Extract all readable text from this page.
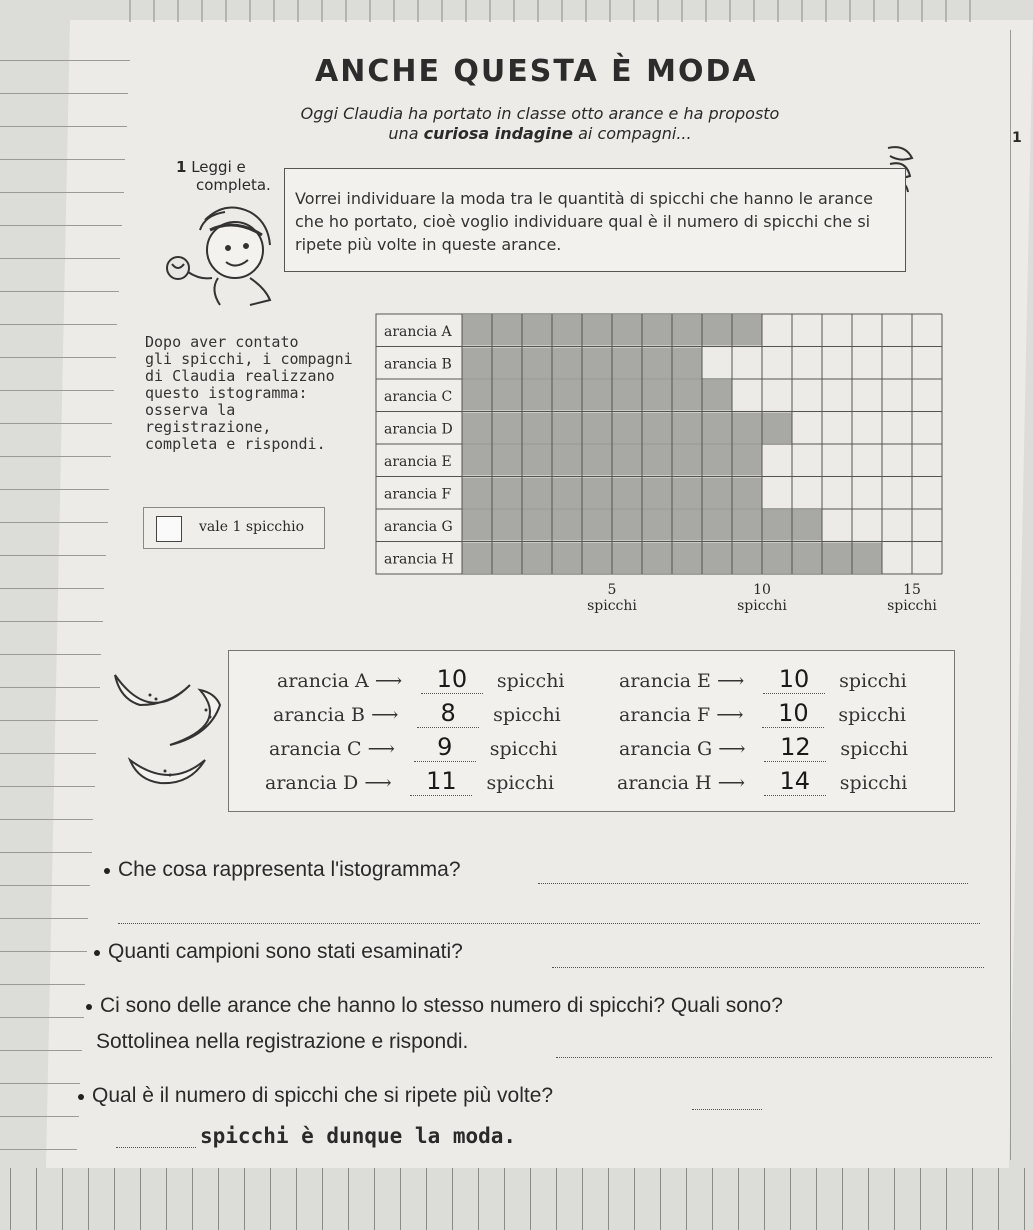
ANCHE QUESTA È MODA
Oggi Claudia ha portato in classe otto arance e ha proposto
una curiosa indagine ai compagni...	1
1 Leggi e
completa.

Vorrei individuare la moda tra le quantità di spicchi che hanno le arance che ho portato, cioè voglio individuare qual è il numero di spicchi che si ripete più volte in queste arance.

Dopo aver contato
gli spicchi, i compagni
di Claudia realizzano
questo istogramma:
osserva la
registrazione,
completa e rispondi.
vale 1 spicchio
arancia A
arancia B
arancia C
arancia D
arancia E
arancia F
arancia G
arancia H
5
spicchi
10
spicchi
15
spicchi
arancia A ⟶ 10 spicchi
arancia B ⟶ 8 spicchi
arancia C ⟶ 9 spicchi
arancia D ⟶ 11 spicchi
arancia E ⟶ 10 spicchi
arancia F ⟶ 10 spicchi
arancia G ⟶ 12 spicchi
arancia H ⟶ 14 spicchi
Che cosa rappresenta l'istogramma?
Quanti campioni sono stati esaminati?
Ci sono delle arance che hanno lo stesso numero di spicchi? Quali sono?
Sottolinea nella registrazione e rispondi.
Qual è il numero di spicchi che si ripete più volte?
spicchi è dunque la moda.
